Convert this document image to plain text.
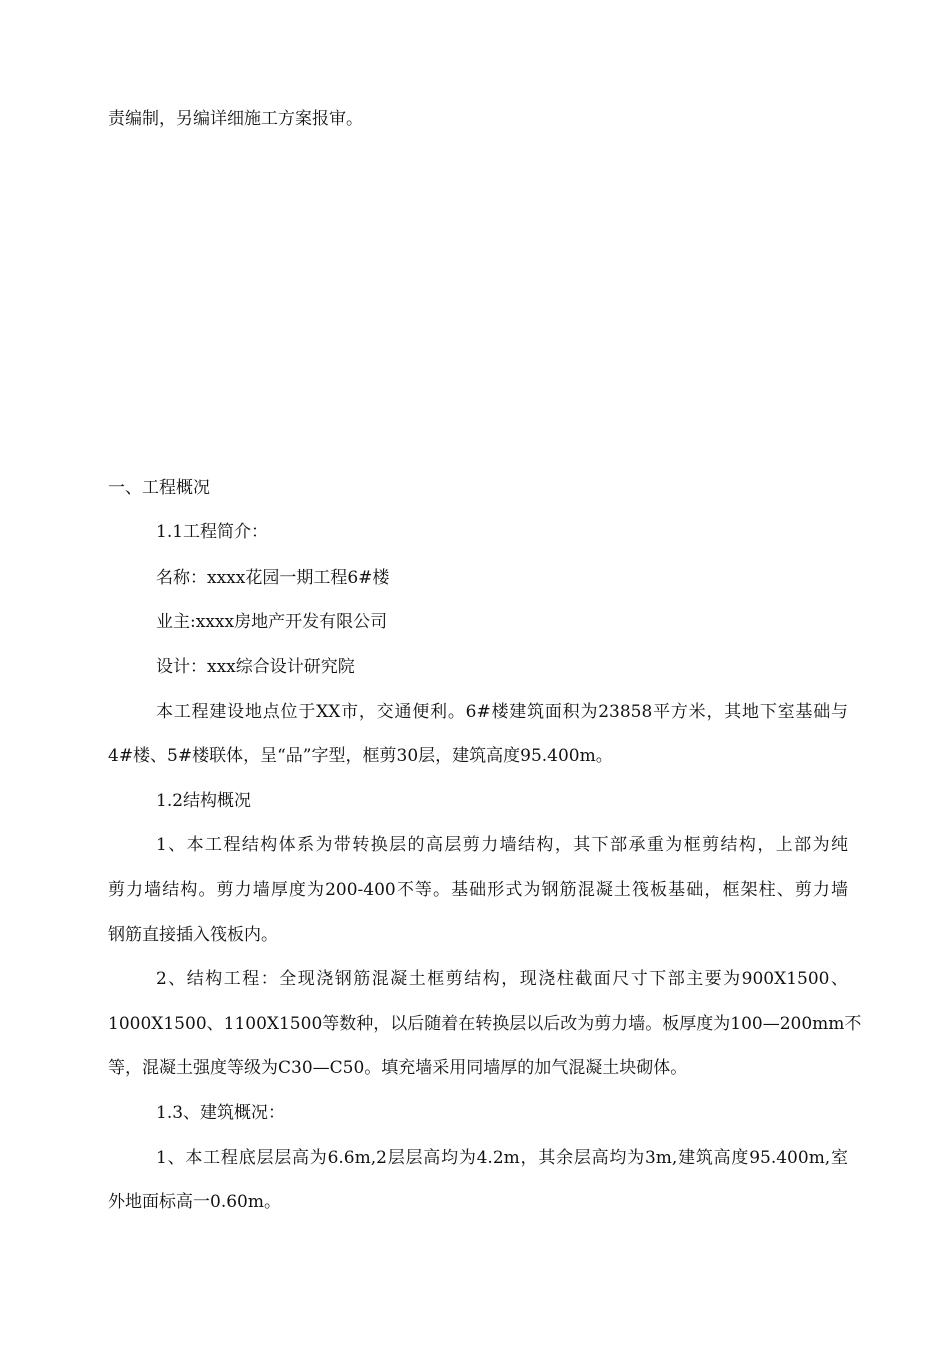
责编制，另编详细施工方案报审。
一、工程概况
1.1工程简介：
名称：xxxx花园一期工程6#楼
业主:xxxx房地产开发有限公司
设计：xxx综合设计研究院
本工程建设地点位于XX市，交通便利。6#楼建筑面积为23858平方米，其地下室基础与
4#楼、5#楼联体，呈“品”字型，框剪30层，建筑高度95.400m。
1.2结构概况
1、本工程结构体系为带转换层的高层剪力墙结构，其下部承重为框剪结构，上部为纯
剪力墙结构。剪力墙厚度为200-400不等。基础形式为钢筋混凝土筏板基础，框架柱、剪力墙
钢筋直接插入筏板内。
2、结构工程：全现浇钢筋混凝土框剪结构，现浇柱截面尺寸下部主要为900X1500、
1000X1500、1100X1500等数种，以后随着在转换层以后改为剪力墙。板厚度为100—200mm不
等，混凝土强度等级为C30—C50。填充墙采用同墙厚的加气混凝土块砌体。
1.3、建筑概况：
1、本工程底层层高为6.6m,2层层高均为4.2m，其余层高均为3m,建筑高度95.400m,室
外地面标高一0.60m。
